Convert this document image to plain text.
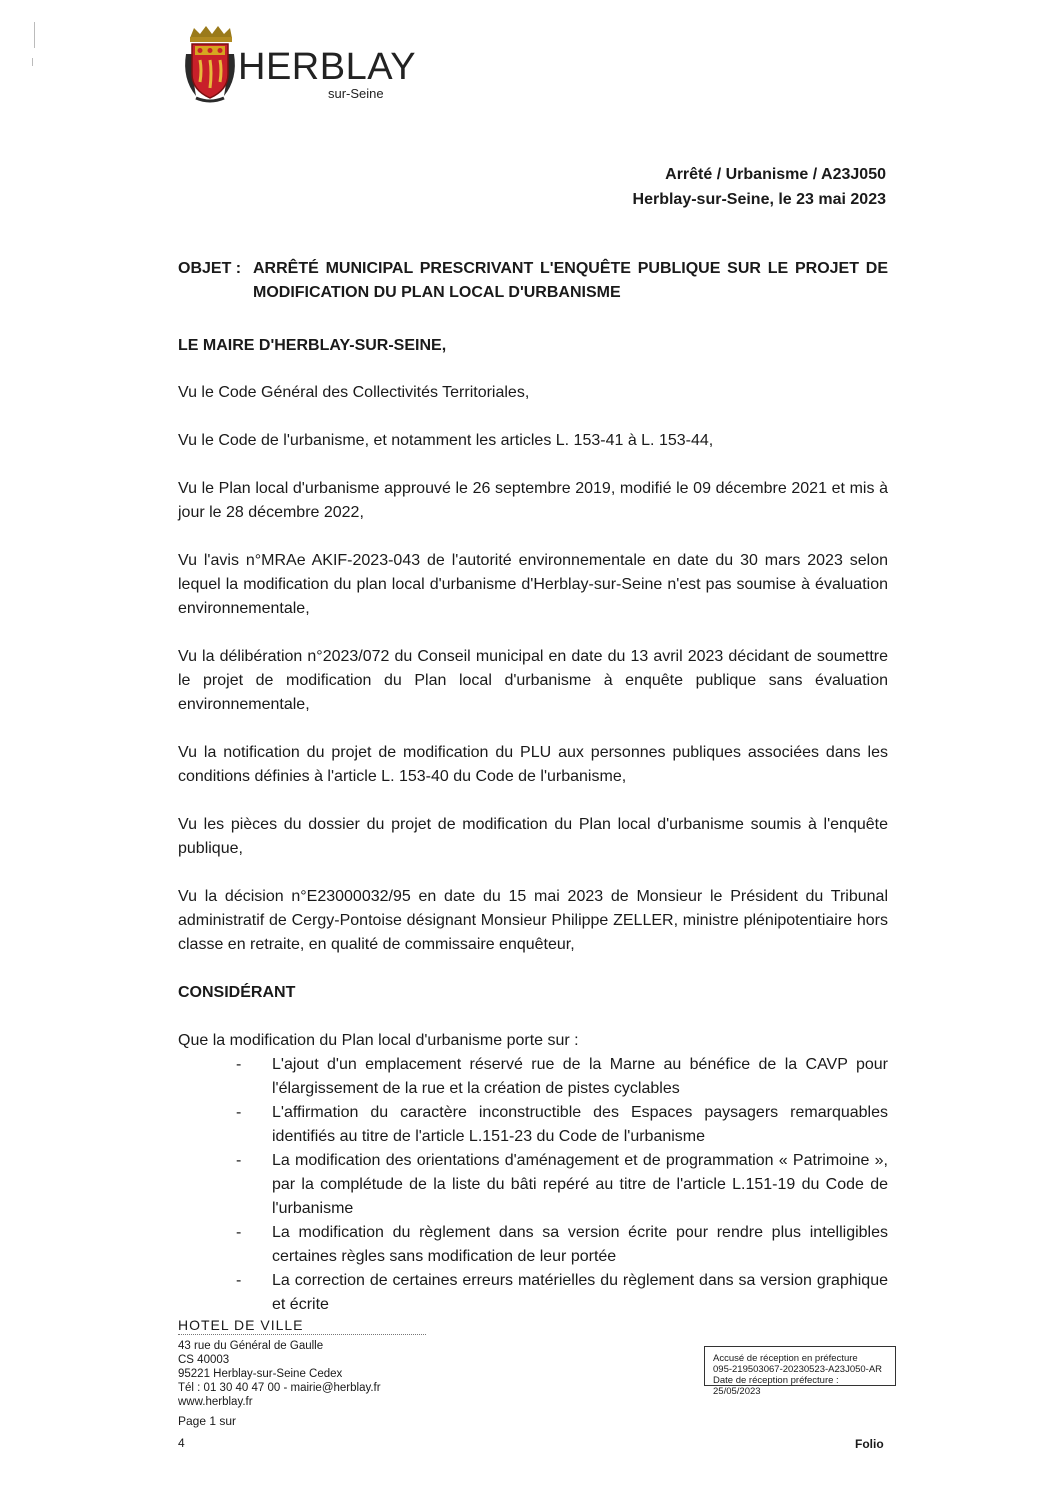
HERBLAY
sur-Seine
Arrêté / Urbanisme / A23J050
Herblay-sur-Seine, le 23 mai 2023
OBJET : ARRÊTÉ MUNICIPAL PRESCRIVANT L'ENQUÊTE PUBLIQUE SUR LE PROJET DE
MODIFICATION DU PLAN LOCAL D'URBANISME
LE MAIRE D'HERBLAY-SUR-SEINE,
Vu le Code Général des Collectivités Territoriales,
Vu le Code de l'urbanisme, et notamment les articles L. 153-41 à L. 153-44,
Vu le Plan local d'urbanisme approuvé le 26 septembre 2019, modifié le 09 décembre 2021 et mis à jour le 28 décembre 2022,
Vu l'avis n°MRAe AKIF-2023-043 de l'autorité environnementale en date du 30 mars 2023 selon lequel la modification du plan local d'urbanisme d'Herblay-sur-Seine n'est pas soumise à évaluation environnementale,
Vu la délibération n°2023/072 du Conseil municipal en date du 13 avril 2023 décidant de soumettre le projet de modification du Plan local d'urbanisme à enquête publique sans évaluation environnementale,
Vu la notification du projet de modification du PLU aux personnes publiques associées dans les conditions définies à l'article L. 153-40 du Code de l'urbanisme,
Vu les pièces du dossier du projet de modification du Plan local d'urbanisme soumis à l'enquête publique,
Vu la décision n°E23000032/95 en date du 15 mai 2023 de Monsieur le Président du Tribunal administratif de Cergy-Pontoise désignant Monsieur Philippe ZELLER, ministre plénipotentiaire hors classe en retraite, en qualité de commissaire enquêteur,
CONSIDÉRANT
Que la modification du Plan local d'urbanisme porte sur :
- L'ajout d'un emplacement réservé rue de la Marne au bénéfice de la CAVP pour l'élargissement de la rue et la création de pistes cyclables
- L'affirmation du caractère inconstructible des Espaces paysagers remarquables identifiés au titre de l'article L.151-23 du Code de l'urbanisme
- La modification des orientations d'aménagement et de programmation « Patrimoine », par la complétude de la liste du bâti repéré au titre de l'article L.151-19 du Code de l'urbanisme
- La modification du règlement dans sa version écrite pour rendre plus intelligibles certaines règles sans modification de leur portée
- La correction de certaines erreurs matérielles du règlement dans sa version graphique et écrite
HOTEL DE VILLE
43 rue du Général de Gaulle
CS 40003
95221 Herblay-sur-Seine Cedex
Tél : 01 30 40 47 00 - mairie@herblay.fr
www.herblay.fr
Accusé de réception en préfecture
095-219503067-20230523-A23J050-AR
Date de réception préfecture : 25/05/2023
Page 1 sur
4	Folio
